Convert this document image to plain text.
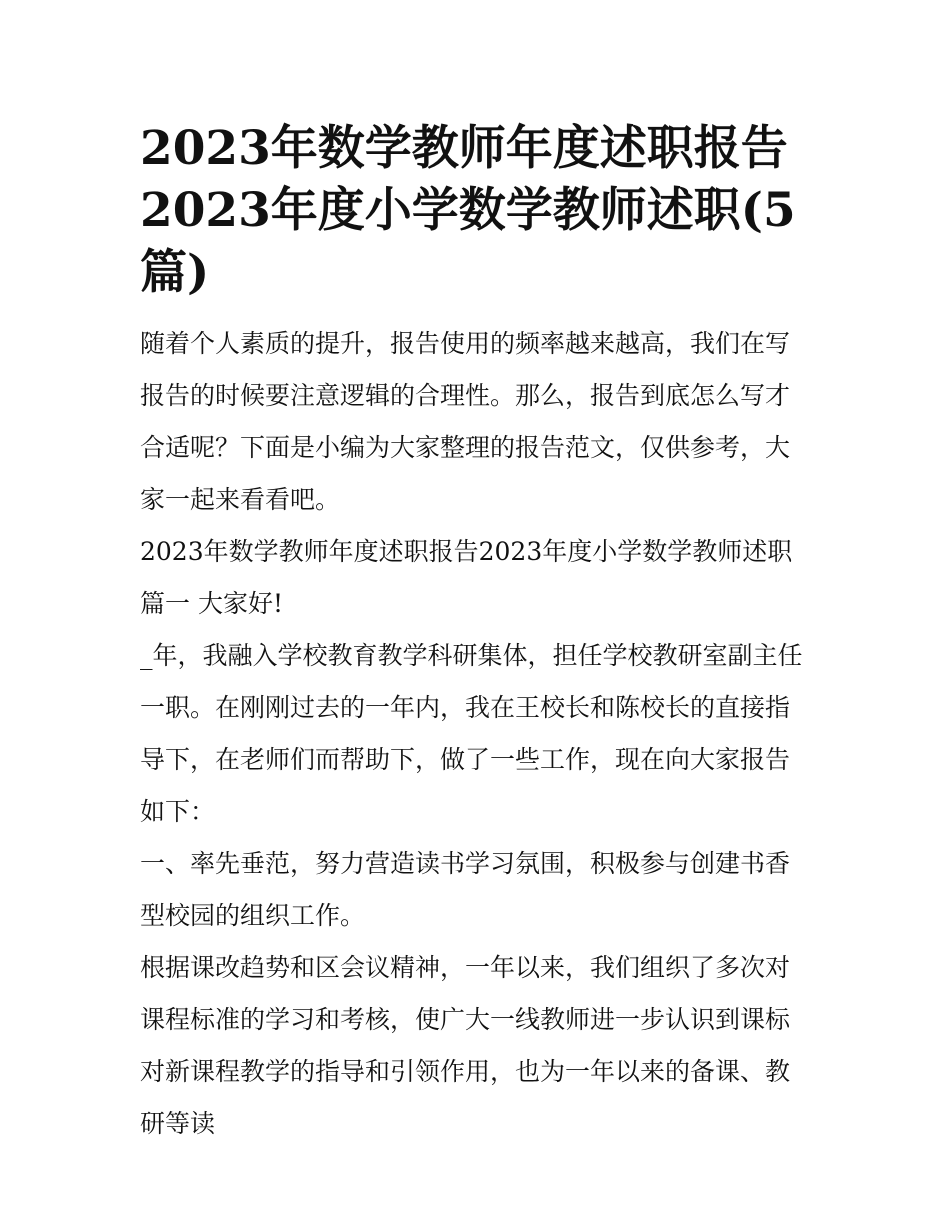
2023年数学教师年度述职报告2023年度小学数学教师述职(5篇)

随着个人素质的提升，报告使用的频率越来越高，我们在写报告的时候要注意逻辑的合理性。那么，报告到底怎么写才合适呢？下面是小编为大家整理的报告范文，仅供参考，大家一起来看看吧。

2023年数学教师年度述职报告2023年度小学数学教师述职篇一 大家好!

_年，我融入学校教育教学科研集体，担任学校教研室副主任一职。在刚刚过去的一年内，我在王校长和陈校长的直接指导下，在老师们而帮助下，做了一些工作，现在向大家报告如下：

一、率先垂范，努力营造读书学习氛围，积极参与创建书香型校园的组织工作。

根据课改趋势和区会议精神，一年以来，我们组织了多次对课程标准的学习和考核，使广大一线教师进一步认识到课标对新课程教学的指导和引领作用，也为一年以来的备课、教研等读
